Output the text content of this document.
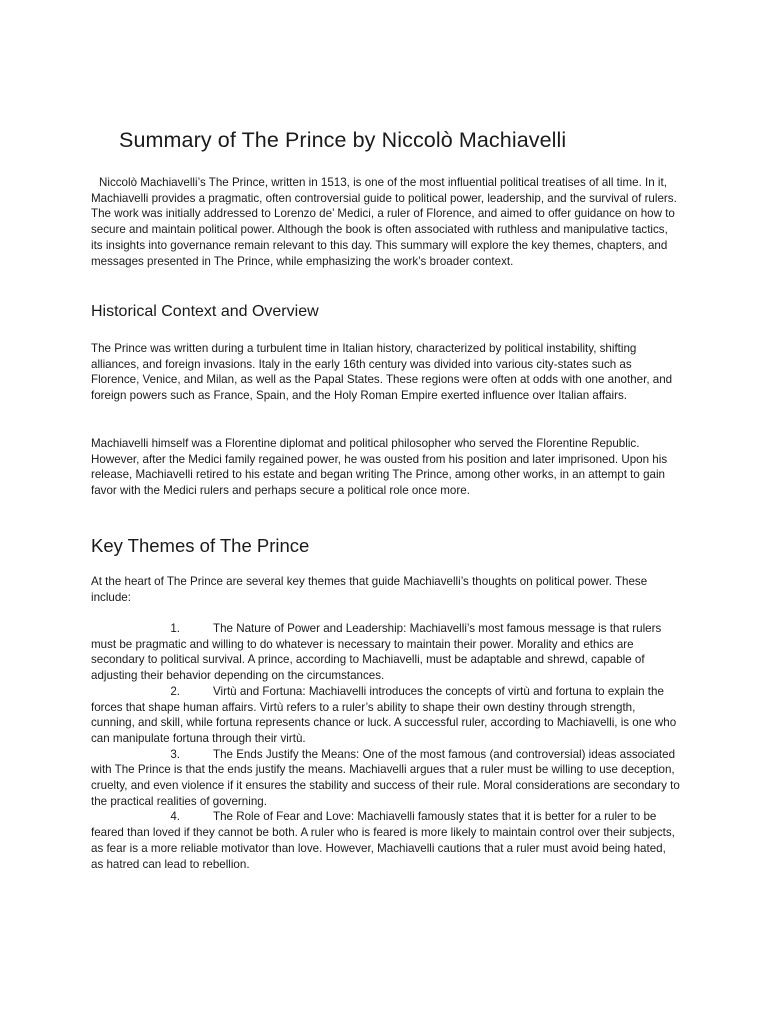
Summary of The Prince by Niccolò Machiavelli

Niccolò Machiavelli’s The Prince, written in 1513, is one of the most influential political treatises of all time. In it, Machiavelli provides a pragmatic, often controversial guide to political power, leadership, and the survival of rulers. The work was initially addressed to Lorenzo de’ Medici, a ruler of Florence, and aimed to offer guidance on how to secure and maintain political power. Although the book is often associated with ruthless and manipulative tactics, its insights into governance remain relevant to this day. This summary will explore the key themes, chapters, and messages presented in The Prince, while emphasizing the work’s broader context.

Historical Context and Overview

The Prince was written during a turbulent time in Italian history, characterized by political instability, shifting alliances, and foreign invasions. Italy in the early 16th century was divided into various city-states such as Florence, Venice, and Milan, as well as the Papal States. These regions were often at odds with one another, and foreign powers such as France, Spain, and the Holy Roman Empire exerted influence over Italian affairs.

Machiavelli himself was a Florentine diplomat and political philosopher who served the Florentine Republic. However, after the Medici family regained power, he was ousted from his position and later imprisoned. Upon his release, Machiavelli retired to his estate and began writing The Prince, among other works, in an attempt to gain favor with the Medici rulers and perhaps secure a political role once more.

Key Themes of The Prince

At the heart of The Prince are several key themes that guide Machiavelli’s thoughts on political power. These include:

1.	The Nature of Power and Leadership: Machiavelli’s most famous message is that rulers must be pragmatic and willing to do whatever is necessary to maintain their power. Morality and ethics are secondary to political survival. A prince, according to Machiavelli, must be adaptable and shrewd, capable of adjusting their behavior depending on the circumstances.
2.	Virtù and Fortuna: Machiavelli introduces the concepts of virtù and fortuna to explain the forces that shape human affairs. Virtù refers to a ruler’s ability to shape their own destiny through strength, cunning, and skill, while fortuna represents chance or luck. A successful ruler, according to Machiavelli, is one who can manipulate fortuna through their virtù.
3.	The Ends Justify the Means: One of the most famous (and controversial) ideas associated with The Prince is that the ends justify the means. Machiavelli argues that a ruler must be willing to use deception, cruelty, and even violence if it ensures the stability and success of their rule. Moral considerations are secondary to the practical realities of governing.
4.	The Role of Fear and Love: Machiavelli famously states that it is better for a ruler to be feared than loved if they cannot be both. A ruler who is feared is more likely to maintain control over their subjects, as fear is a more reliable motivator than love. However, Machiavelli cautions that a ruler must avoid being hated, as hatred can lead to rebellion.
